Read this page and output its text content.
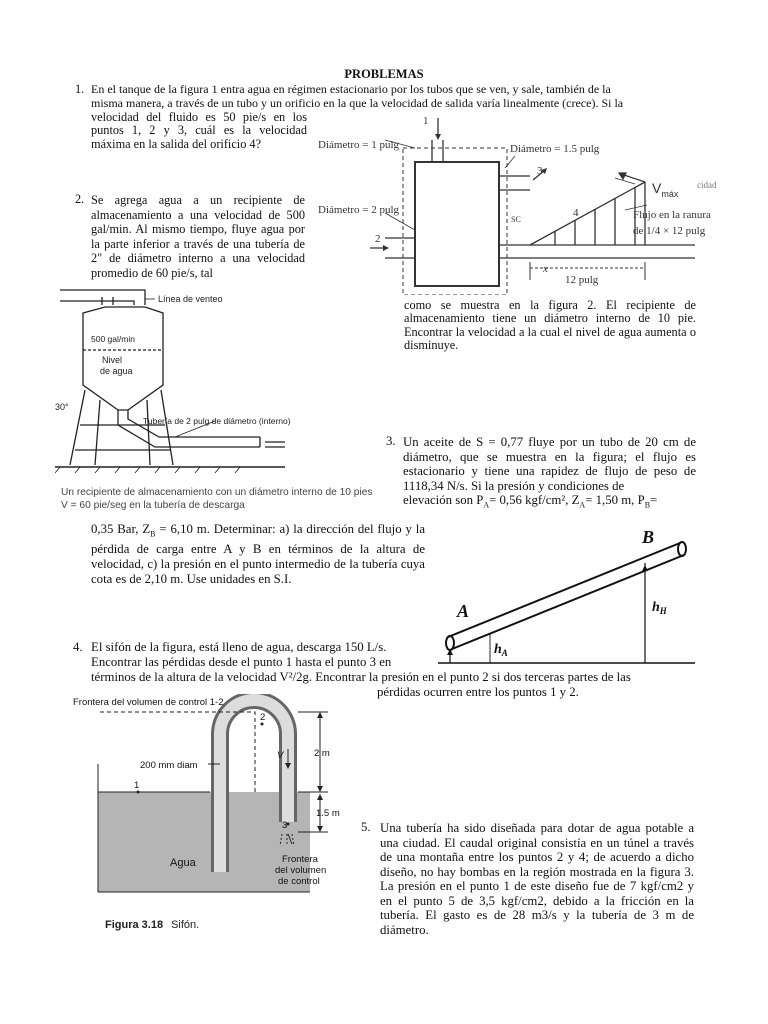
PROBLEMAS
1. En el tanque de la figura 1 entra agua en régimen estacionario por los tubos que se ven, y sale, también de la
misma manera, a través de un tubo y un orificio en la que la velocidad de salida varía linealmente (crece). Si la
velocidad del fluido es 50 pie/s en los puntos 1, 2 y 3, cuál es la velocidad máxima en la salida del orificio 4?	Diámetro = 1 pulg	Diámetro = 1.5 pulg
Diámetro = 2 pulg
SC
1
2
3
4
$V_{máx}$
cidad
Flujo en la ranura
de 1/4 × 12 pulg
x
12 pulg
2. Se agrega agua a un recipiente de almacenamiento a una velocidad de 500 gal/min. Al mismo tiempo, fluye agua por la parte inferior a través de una tubería de 2" de diámetro interno a una velocidad promedio de 60 pie/s, tal
como se muestra en la figura 2. El recipiente de almacenamiento tiene un diámetro interno de 10 pie. Encontrar la velocidad a la cual el nivel de agua aumenta o disminuye.
Línea de venteo
500 gal/min
Nivel
de agua
30°
Tubería de 2 pulg de diámetro (interno)
Un recipiente de almacenamiento con un diámetro interno de 10 pies
V = 60 pie/seg en la tubería de descarga
3. Un aceite de S = 0,77 fluye por un tubo de 20 cm de diámetro, que se muestra en la figura; el flujo es estacionario y tiene una rapidez de flujo de peso de 1118,34 N/s. Si la presión y condiciones de
elevación son $P_A= 0,56$ kgf/cm², $Z_A= 1,50$ m, $P_B=$
0,35 Bar, $Z_B = 6,10$ m. Determinar: a) la dirección del flujo y la pérdida de carga entre A y B en términos de la altura de velocidad, c) la presión en el punto intermedio de la tubería cuya cota es de 2,10 m. Use unidades en S.I.
A
B
$h_A$
$h_H$
4. El sifón de la figura, está lleno de agua, descarga 150 L/s.
Encontrar las pérdidas desde el punto 1 hasta el punto 3 en
términos de la altura de la velocidad V²/2g. Encontrar la presión en el punto 2 si dos terceras partes de las
pérdidas ocurren entre los puntos 1 y 2.
Frontera del volumen de control 1-2
200 mm diam
1
2
3
V	2 m
1.5 m
Agua	Frontera
del volumen
de control
Figura 3.18 Sifón.
5. Una tubería ha sido diseñada para dotar de agua potable a una ciudad. El caudal original consistía en un túnel a través de una montaña entre los puntos 2 y 4; de acuerdo a dicho diseño, no hay bombas en la región mostrada en la figura 3. La presión en el punto 1 de este diseño fue de 7 kgf/cm2 y en el punto 5 de 3,5 kgf/cm2, debido a la fricción en la tubería. El gasto es de 28 m3/s y la tubería de 3 m de diámetro.
